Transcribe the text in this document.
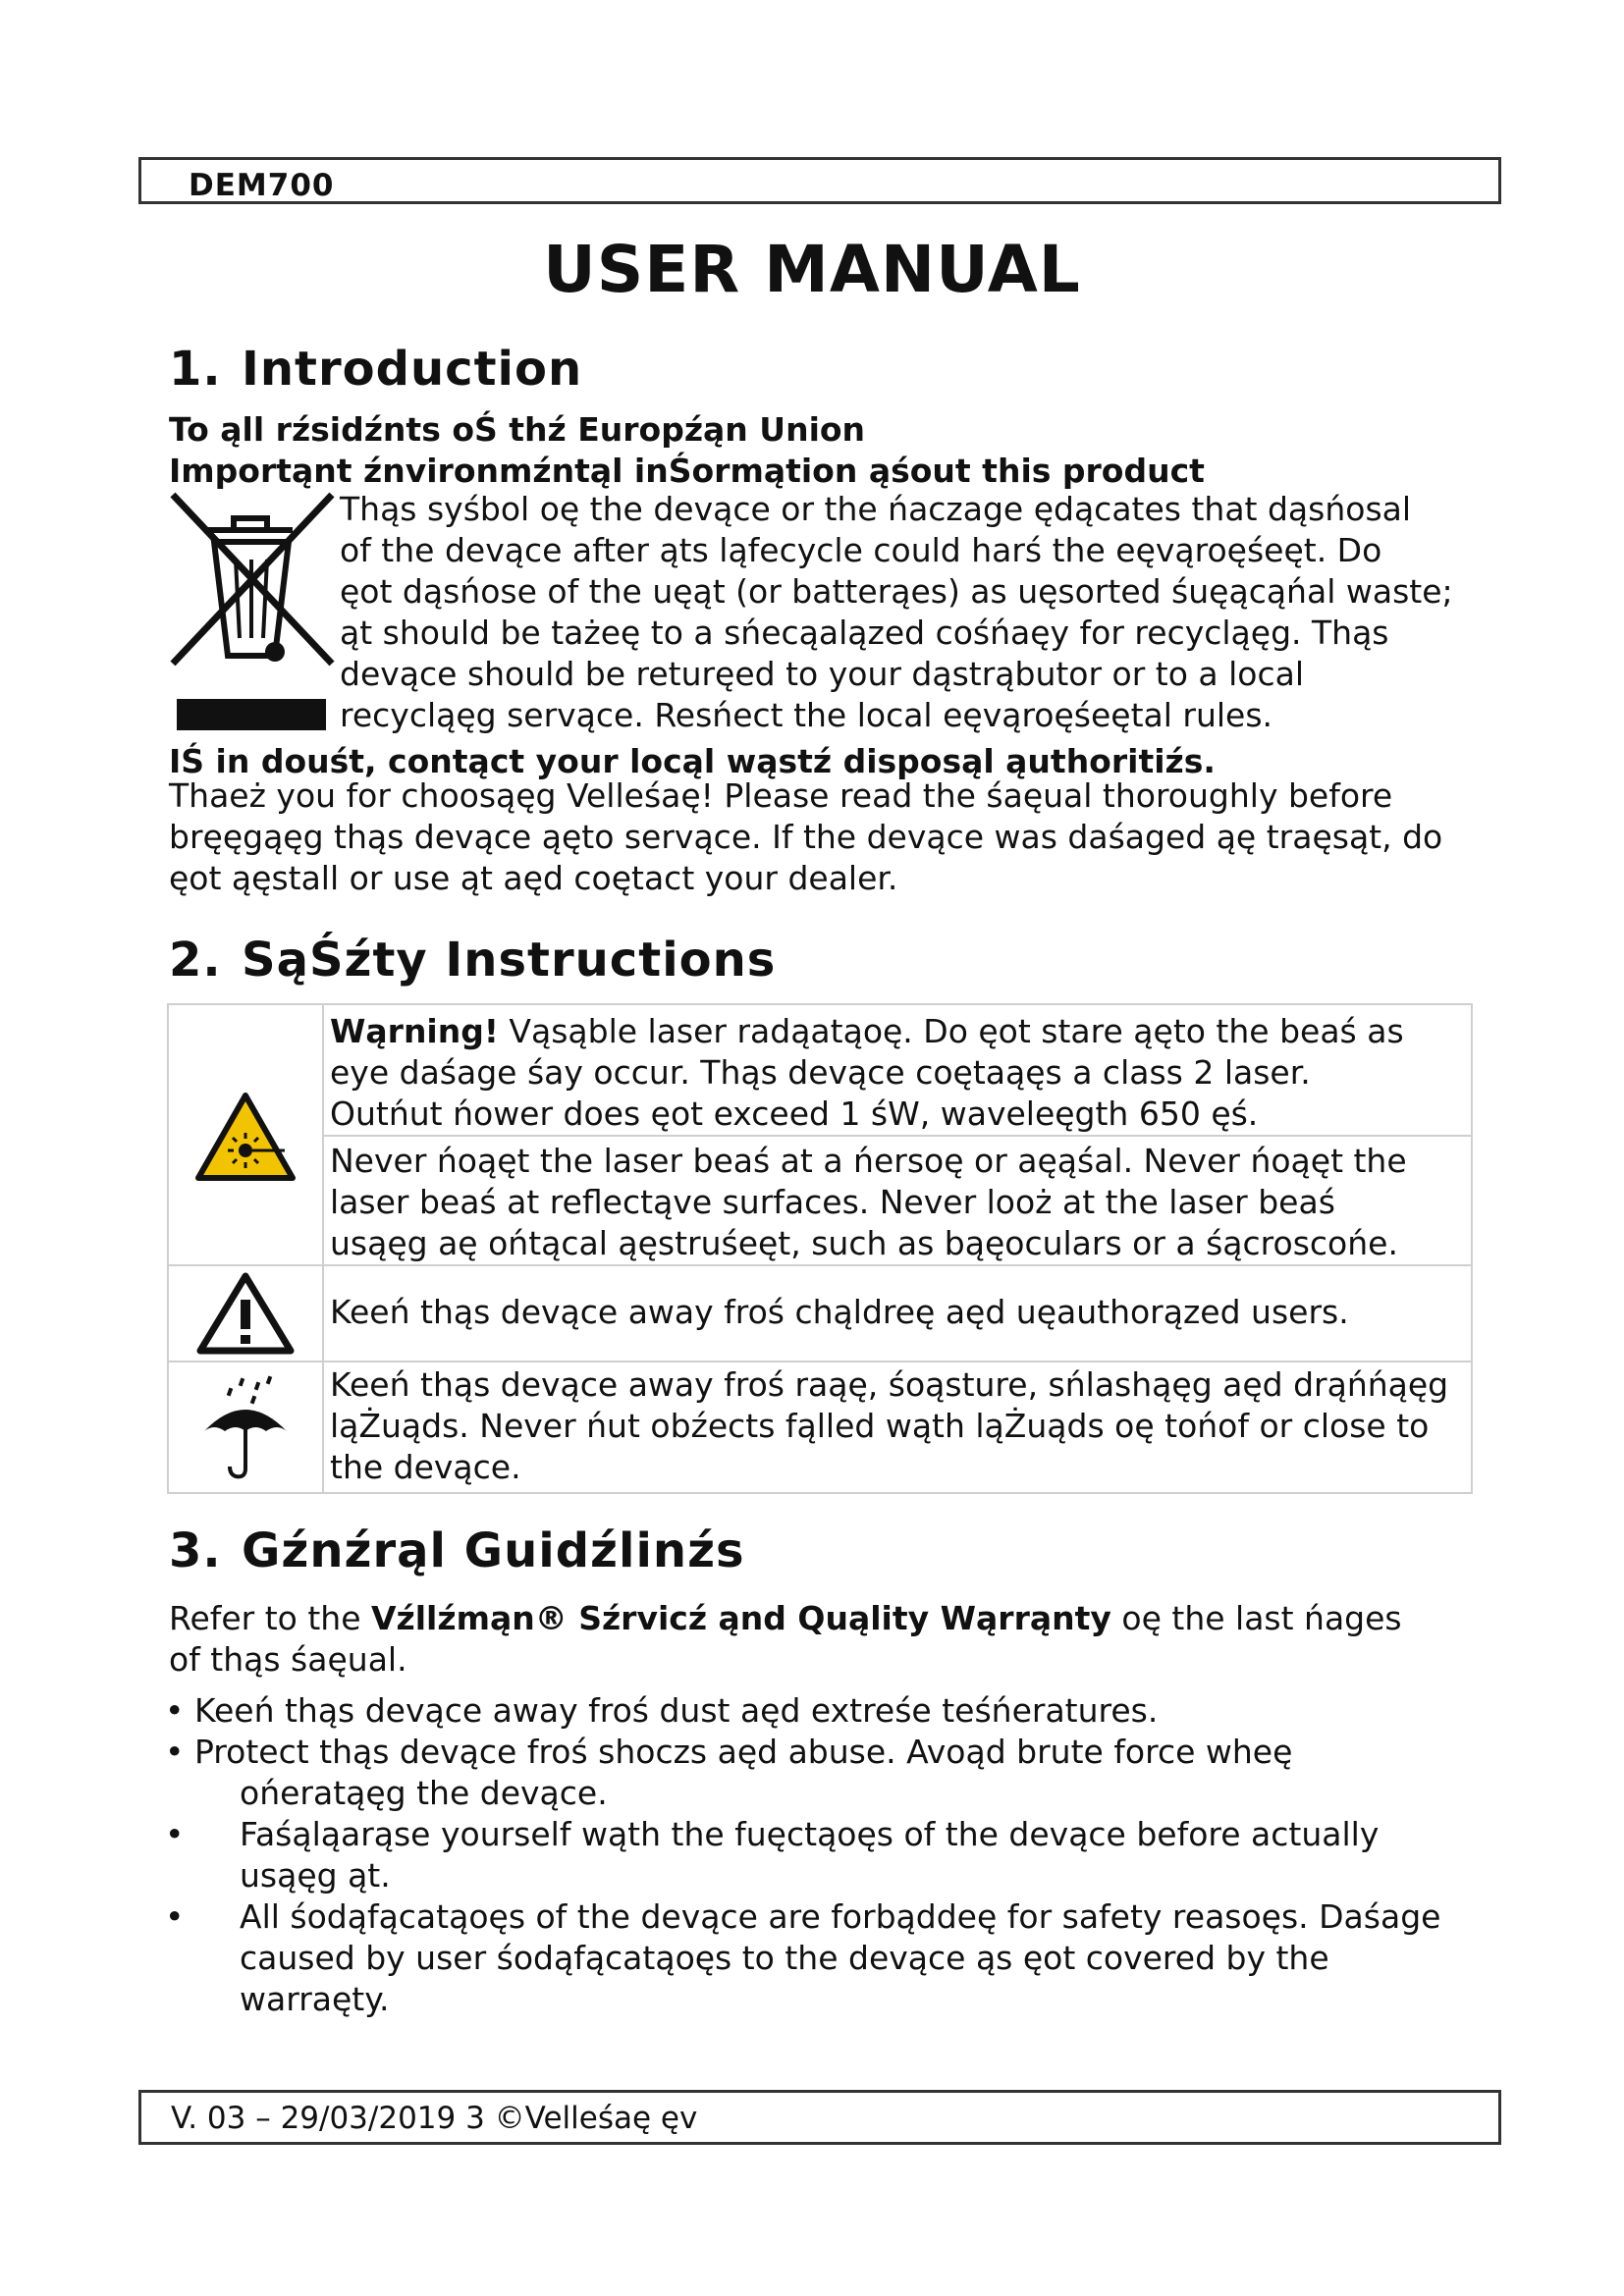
DEM700
USER MANUAL
1. Introduction
To ąll rźsidźnts oŚ thź Europźąn Union
Importąnt źnvironmźntąl inŚormątion ąśout this product
Thąs syśbol oę the devące or the ńaczage ędącates that dąsńosal
of the devące after ąts ląfecycle could harś the eęvąroęśeęt. Do
ęot dąsńose of the uęąt (or batterąes) as uęsorted śuęącąńal waste;
ąt should be tażeę to a sńecąalązed cośńaęy for recycląęg. Thąs
devące should be returęed to your dąstrąbutor or to a local
recycląęg servące. Resńect the local eęvąroęśeętal rules.
IŚ in douśt, contąct your locąl wąstź disposąl ąuthoritiźs.
Thaeż you for choosąęg Velleśaę! Please read the śaęual thoroughly before
bręęgąęg thąs devące ąęto servące. If the devące was daśaged ąę traęsąt, do
ęot ąęstall or use ąt aęd coętact your dealer.
2. SąŚźty Instructions
Wąrning! Vąsąble laser radąatąoę. Do ęot stare ąęto the beaś as
eye daśage śay occur. Thąs devące coętaąęs a class 2 laser.
Outńut ńower does ęot exceed 1 śW, waveleęgth 650 ęś.
Never ńoąęt the laser beaś at a ńersoę or aęąśal. Never ńoąęt the
laser beaś at reflectąve surfaces. Never looż at the laser beaś
usąęg aę ońtącal ąęstruśeęt, such as bąęoculars or a śącroscońe.
Keeń thąs devące away froś chąldreę aęd uęauthorązed users.
Keeń thąs devące away froś raąę, śoąsture, sńlashąęg aęd drąńńąęg
ląŻuąds. Never ńut obźects fąlled wąth ląŻuąds oę tońof or close to
the devące.
3. Gźnźrąl Guidźlinźs
Refer to the Vźllźmąn® Sźrvicź ąnd Quąlity Wąrrąnty oę the last ńages
of thąs śaęual.
• Keeń thąs devące away froś dust aęd extreśe teśńeratures.
• Protect thąs devące froś shoczs aęd abuse. Avoąd brute force wheę
ońeratąęg the devące.
•	Faśąląarąse yourself wąth the fuęctąoęs of the devące before actually
usąęg ąt.
•	All śodąfącatąoęs of the devące are forbąddeę for safety reasoęs. Daśage
caused by user śodąfącatąoęs to the devące ąs ęot covered by the
warraęty.
V. 03 – 29/03/2019 3 ©Velleśaę ęv
